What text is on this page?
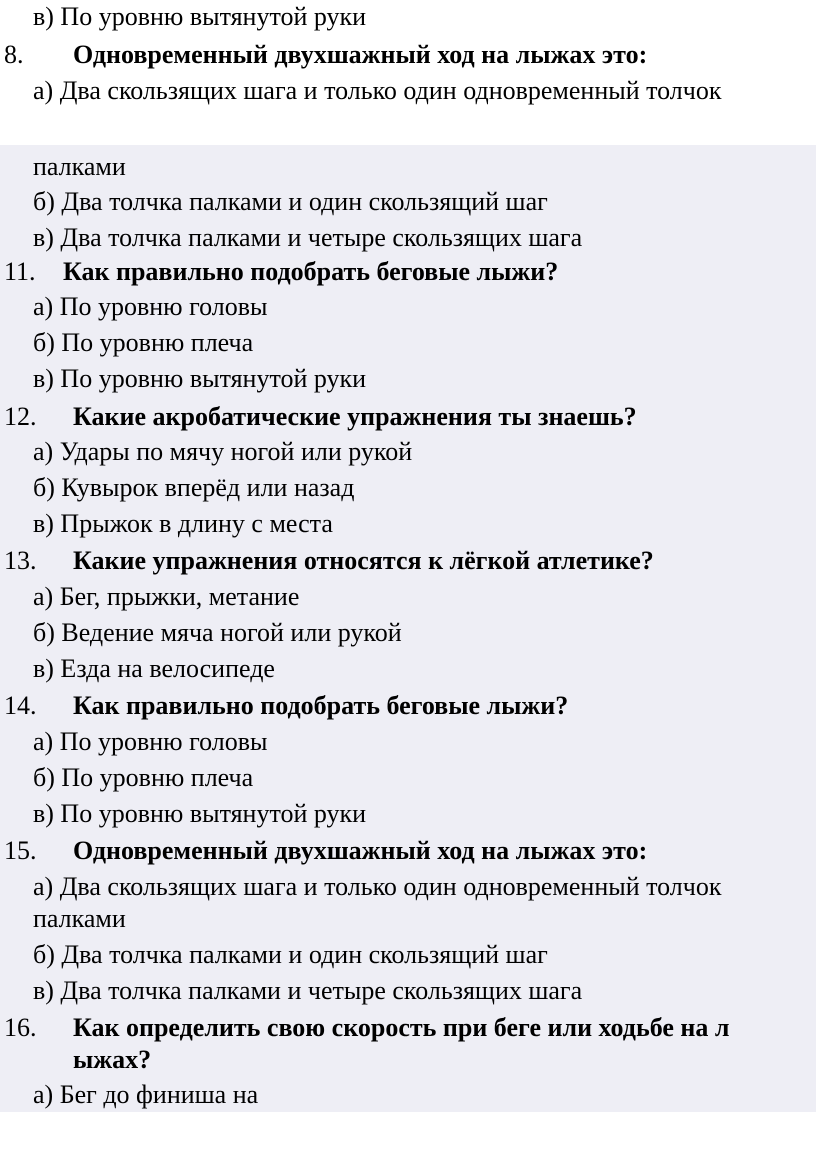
в) По уровню вытянутой руки
8. Одновременный двухшажный ход на лыжах это:
а) Два скользящих шага и только один одновременный толчок
палками
б) Два толчка палками и один скользящий шаг
в) Два толчка палками и четыре скользящих шага
11. Как правильно подобрать беговые лыжи?
а) По уровню головы
б) По уровню плеча
в) По уровню вытянутой руки
12. Какие акробатические упражнения ты знаешь?
а) Удары по мячу ногой или рукой
б) Кувырок вперёд или назад
в) Прыжок в длину с места
13. Какие упражнения относятся к лёгкой атлетике?
а) Бег, прыжки, метание
б) Ведение мяча ногой или рукой
в) Езда на велосипеде
14. Как правильно подобрать беговые лыжи?
а) По уровню головы
б) По уровню плеча
в) По уровню вытянутой руки
15. Одновременный двухшажный ход на лыжах это:
а) Два скользящих шага и только один одновременный толчок
палками
б) Два толчка палками и один скользящий шаг
в) Два толчка палками и четыре скользящих шага
16. Как определить свою скорость при беге или ходьбе на л
ыжах?
а) Бег до финиша на
